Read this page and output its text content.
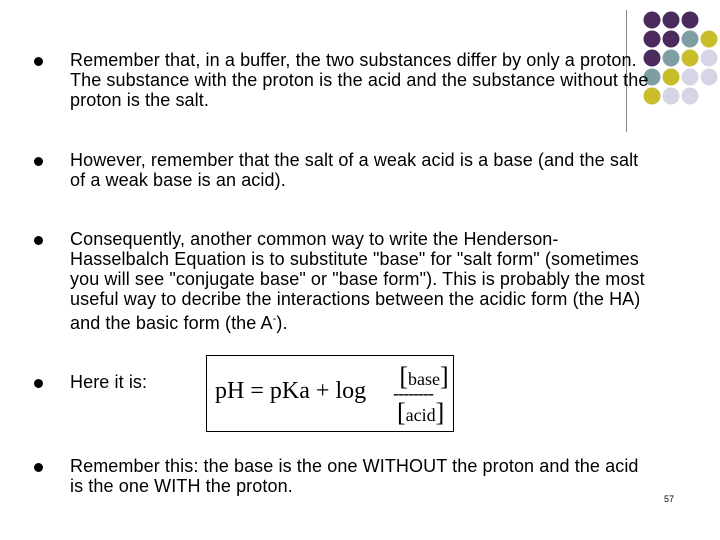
Remember that, in a buffer, the two substances differ by only a proton. The substance with the proton is the acid and the substance without the proton is the salt.
However, remember that the salt of a weak acid is a base (and the salt of a weak base is an acid).
Consequently, another common way to write the Henderson-Hasselbalch Equation is to substitute "base" for "salt form" (sometimes you will see "conjugate base" or "base form"). This is probably the most useful way to decribe the interactions between the acidic form (the HA) and the basic form (the A-).
Here it is:	pH = pKa + log [base]
--------
[acid]
Remember this: the base is the one WITHOUT the proton and the acid is the one WITH the proton.
57
